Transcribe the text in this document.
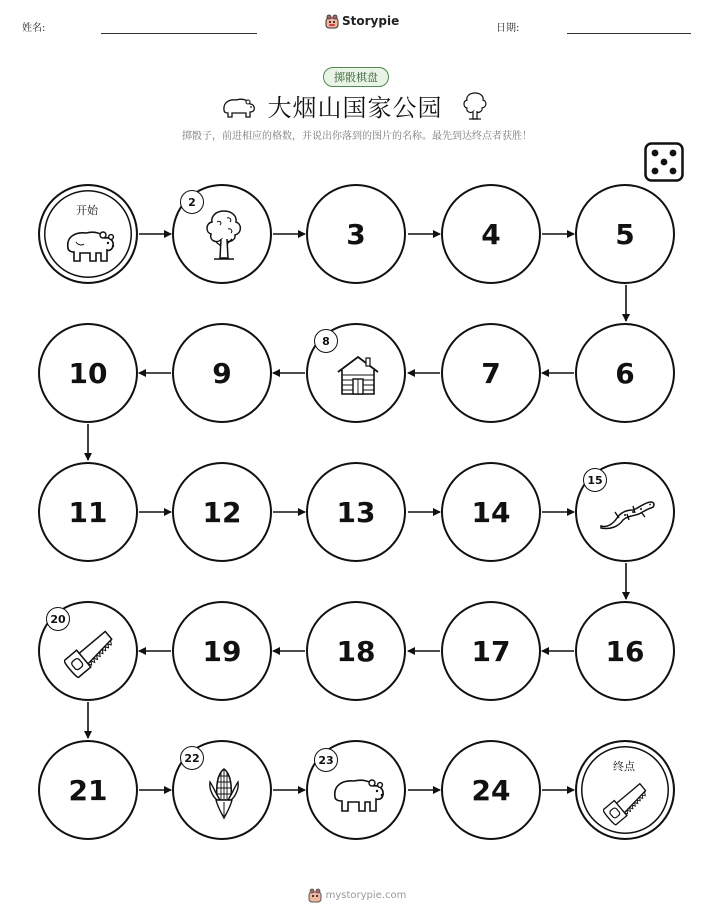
姓名:
Storypie
日期:
掷骰棋盘
大烟山国家公园
掷骰子，前进相应的格数，并说出你落到的图片的名称。最先到达终点者获胜！
开始
2
3	4	5
6
7
8
9
10
11	12	13	14
15
16
17
18
19
20
21
22	23
24
终点
mystorypie.com
